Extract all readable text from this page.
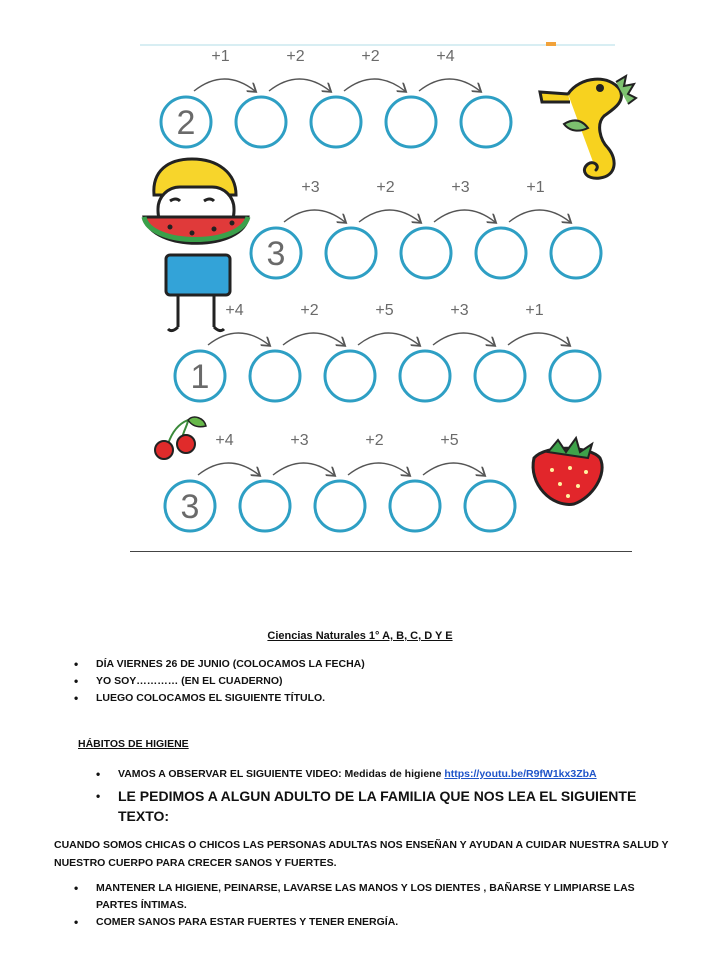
2
+1	+2	+2	+4
3
+3	+2	+3	+1
1
+4	+2	+5	+3	+1
3
+4	+3	+2	+5
Ciencias Naturales 1° A, B, C, D Y E
• DÍA VIERNES 26 DE JUNIO (COLOCAMOS LA FECHA)
• YO SOY………… (EN EL CUADERNO)
• LUEGO COLOCAMOS EL SIGUIENTE TÍTULO.
HÁBITOS DE HIGIENE
• VAMOS A OBSERVAR EL SIGUIENTE VIDEO: Medidas de higiene https://youtu.be/R9fW1kx3ZbA
• LE PEDIMOS A ALGUN ADULTO DE LA FAMILIA QUE NOS LEA EL SIGUIENTE TEXTO:
CUANDO SOMOS CHICAS O CHICOS LAS PERSONAS ADULTAS NOS ENSEÑAN Y AYUDAN A CUIDAR NUESTRA SALUD Y NUESTRO CUERPO PARA CRECER SANOS Y FUERTES.
• MANTENER LA HIGIENE, PEINARSE, LAVARSE LAS MANOS Y LOS DIENTES , BAÑARSE Y LIMPIARSE LAS PARTES ÍNTIMAS.
• COMER SANOS PARA ESTAR FUERTES Y TENER ENERGÍA.
